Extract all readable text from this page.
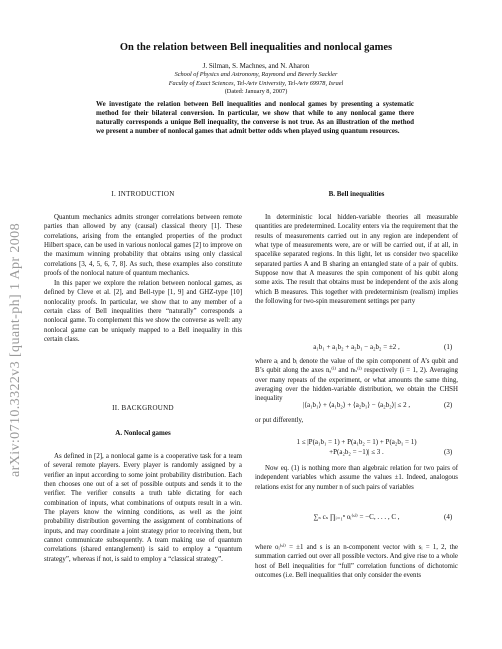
arXiv:0710.3322v3 [quant-ph] 1 Apr 2008
On the relation between Bell inequalities and nonlocal games
J. Silman, S. Machnes, and N. Aharon
School of Physics and Astronomy, Raymond and Beverly Sackler
Faculty of Exact Sciences, Tel-Aviv University, Tel-Aviv 69978, Israel
(Dated: January 8, 2007)
We investigate the relation between Bell inequalities and nonlocal games by presenting a systematic method for their bilateral conversion. In particular, we show that while to any nonlocal game there naturally corresponds a unique Bell inequality, the converse is not true. As an illustration of the method we present a number of nonlocal games that admit better odds when played using quantum resources.
I. INTRODUCTION
Quantum mechanics admits stronger correlations between remote parties than allowed by any (causal) classical theory [1]. These correlations, arising from the entangled properties of the product Hilbert space, can be used in various nonlocal games [2] to improve on the maximum winning probability that obtains using only classical correlations [3, 4, 5, 6, 7, 8]. As such, these examples also constitute proofs of the nonlocal nature of quantum mechanics.
In this paper we explore the relation between nonlocal games, as defined by Cleve et al. [2], and Bell-type [1, 9] and GHZ-type [10] nonlocality proofs. In particular, we show that to any member of a certain class of Bell inequalities there “naturally” corresponds a nonlocal game. To complement this we show the converse as well: any nonlocal game can be uniquely mapped to a Bell inequality in this certain class.
II. BACKGROUND
A. Nonlocal games
As defined in [2], a nonlocal game is a cooperative task for a team of several remote players. Every player is randomly assigned by a verifier an input according to some joint probability distribution. Each then chooses one out of a set of possible outputs and sends it to the verifier. The verifier consults a truth table dictating for each combination of inputs, what combinations of outputs result in a win. The players know the winning conditions, as well as the joint probability distribution governing the assignment of combinations of inputs, and may coordinate a joint strategy prior to receiving them, but cannot communicate subsequently. A team making use of quantum correlations (shared entanglement) is said to employ a “quantum strategy”, whereas if not, is said to employ a “classical strategy”.
B. Bell inequalities
In deterministic local hidden-variable theories all measurable quantities are predetermined. Locality enters via the requirement that the results of measurements carried out in any region are independent of what type of measurements were, are or will be carried out, if at all, in spacelike separated regions. In this light, let us consider two spacelike separated parties A and B sharing an entangled state of a pair of qubits. Suppose now that A measures the spin component of his qubit along some axis. The result that obtains must be independent of the axis along which B measures. This together with predeterminism (realism) implies the following for two-spin measurement settings per party
a₁b₁ + a₁b₂ + a₂b₁ − a₂b₂ = ±2 ,	(1)
where aᵢ and bᵢ denote the value of the spin component of A’s qubit and B’s qubit along the axes nₐ⁽ⁱ⁾ and nₕ⁽ⁱ⁾ respectively (i = 1, 2). Averaging over many repeats of the experiment, or what amounts the same thing, averaging over the hidden-variable distribution, we obtain the CHSH inequality
|⟨a₁b₁⟩ + ⟨a₁b₂⟩ + ⟨a₂b₁⟩ − ⟨a₂b₂⟩| ≤ 2 ,	(2)
or put differently,
1 ≤ |P(a₁b₁ = 1) + P(a₁b₂ = 1) + P(a₂b₁ = 1)
+P(a₂b₂ = −1)| ≤ 3 .	(3)
Now eq. (1) is nothing more than algebraic relation for two pairs of independent variables which assume the values ±1. Indeed, analogous relations exist for any number n of such pairs of variables
∑ₛ cₛ ∏ᵢ₌₁ⁿ oᵢ⁽ˢⁱ⁾ = −C, . . . , C ,	(4)
where oᵢ⁽ˢⁱ⁾ = ±1 and s is an n-component vector with sᵢ = 1, 2, the summation carried out over all possible vectors. And give rise to a whole host of Bell inequalities for “full” correlation functions of dichotomic outcomes (i.e. Bell inequalities that only consider the events
